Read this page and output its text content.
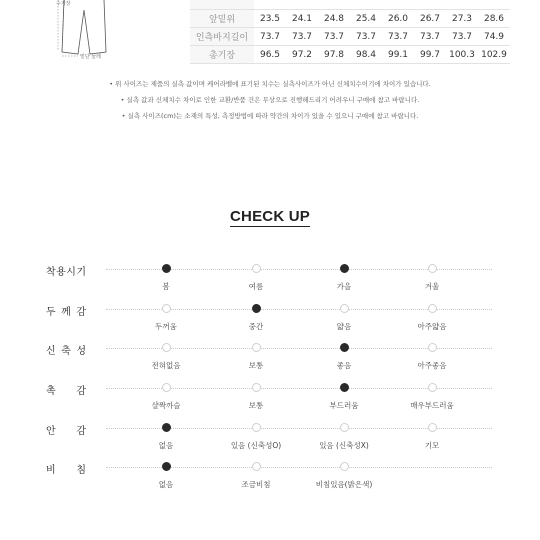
수기장
밑단 둘레
앞밑위	23.5	24.1	24.8	25.4	26.0	26.7	27.3	28.6
인측바지길이	73.7	73.7	73.7	73.7	73.7	73.7	73.7	74.9
총기장	96.5	97.2	97.8	98.4	99.1	99.7	100.3 102.9
• 위 사이즈는 제품의 실측 값이며 케어라벨에 표기된 치수는 실측사이즈가 아닌 신체치수이기에 차이가 있습니다.
• 실측 값과 신체치수 차이로 인한 교환/반품 건은 무상으로 진행해드리기 어려우니 구매에 참고 바랍니다.
• 실측 사이즈(cm)는 소재의 특성, 측정방법에 따라 약간의 차이가 있을 수 있으니 구매에 참고 바랍니다.
CHECK UP
착 용 시 기
봄	여름	가을	겨울
두 께 감
두꺼움	중간	얇음	아주얇음
신 축 성
전혀없음	보통	좋음	아주좋음
촉 감
샬짝까슬	보통	부드러움	매우부드러움
안 감
없음	있음 (신축성O)	있음 (신축성X)	기모
비 침
없음	조금비침	비침있음(밝은색)
